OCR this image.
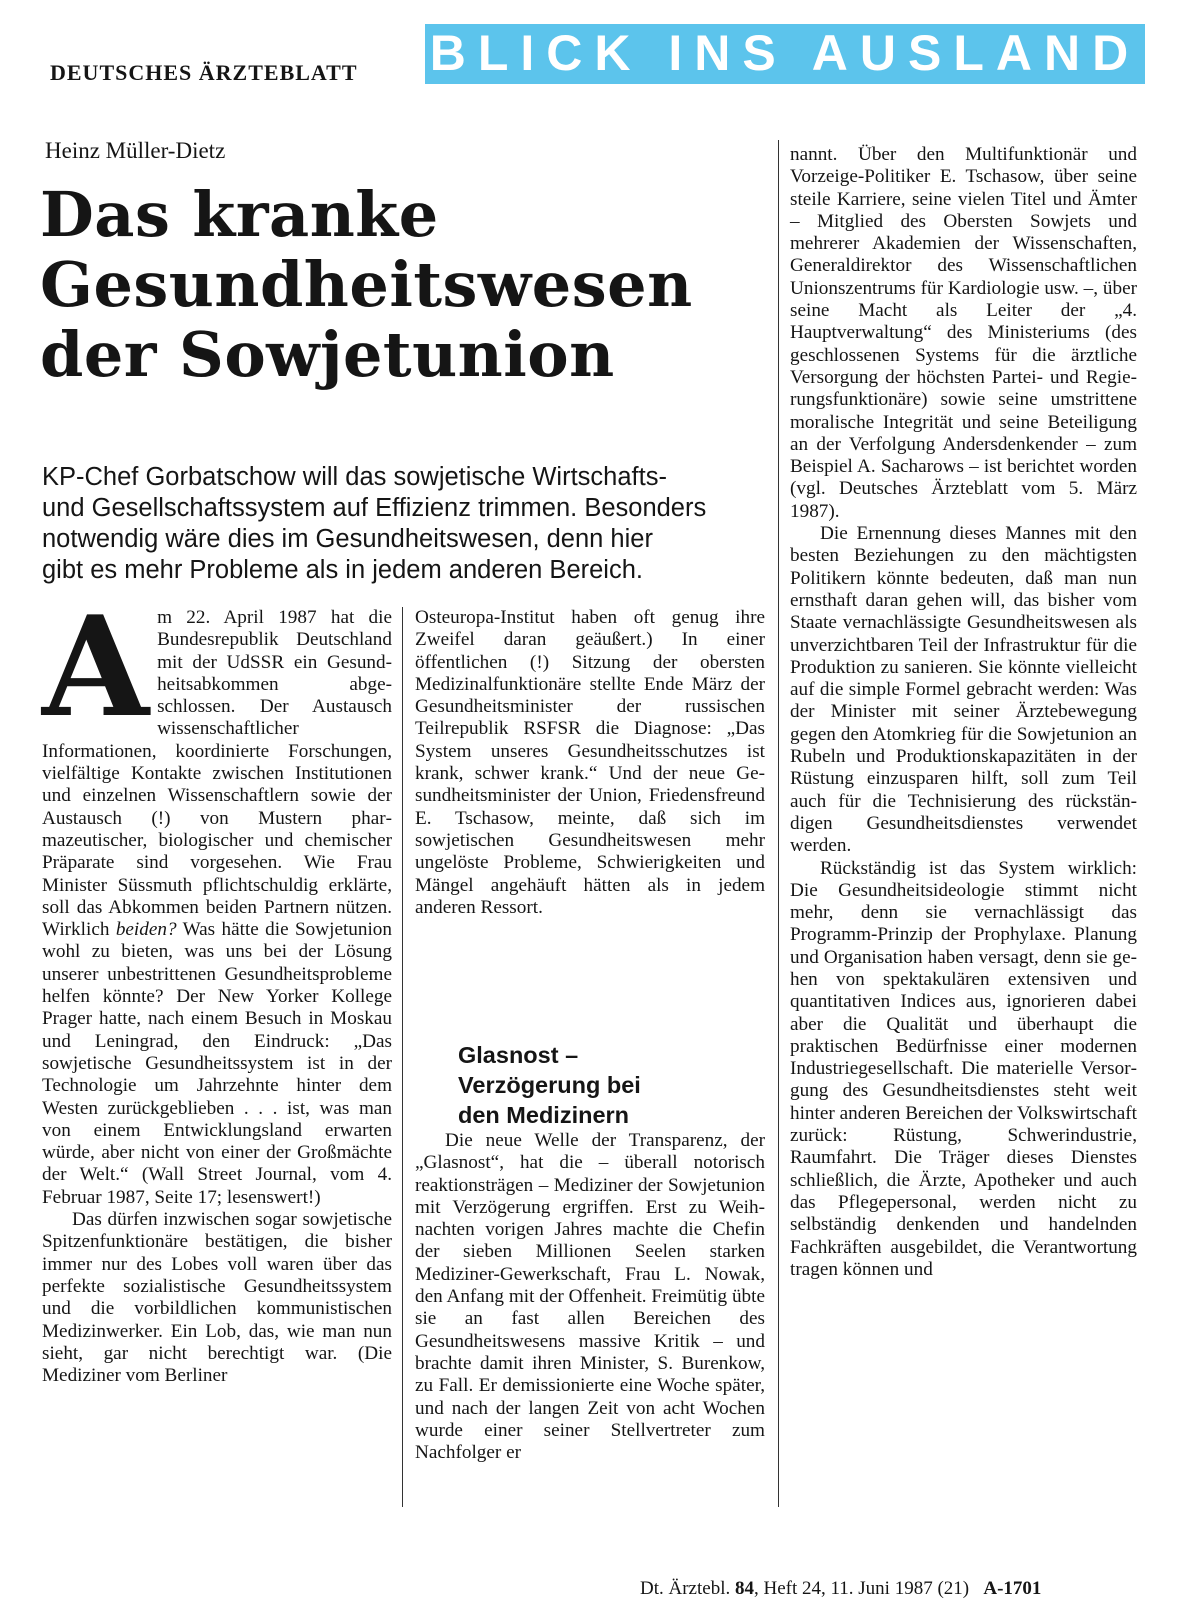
DEUTSCHES ÄRZTEBLATT BLICK INS AUSLAND
Heinz Müller-Dietz
Das kranke
Gesundheitswesen
der Sowjetunion
KP-Chef Gorbatschow will das sowjetische Wirtschafts-
und Gesellschaftssystem auf Effizienz trimmen. Besonders
notwendig wäre dies im Gesundheitswesen, denn hier
gibt es mehr Probleme als in jedem anderen Bereich.

Am 22. April 1987 hat die Bundesrepublik Deutschland mit der UdSSR ein Gesundheitsabkommen abgeschlossen. Der Austausch wissenschaftlicher Informationen, koordinierte Forschungen, vielfältige Kontakte zwischen Institutionen und einzelnen Wissenschaftlern sowie der Austausch (!) von Mustern pharmazeutischer, biologischer und chemischer Präparate sind vorgesehen. Wie Frau Minister Süssmuth pflichtschuldig erklärte, soll das Abkommen beiden Partnern nützen. Wirklich beiden? Was hätte die Sowjetunion wohl zu bieten, was uns bei der Lösung unserer unbestrittenen Gesundheitsprobleme helfen könnte? Der New Yorker Kollege Prager hatte, nach einem Besuch in Moskau und Leningrad, den Eindruck: „Das sowjetische Gesundheitssystem ist in der Technologie um Jahrzehnte hinter dem Westen zurückgeblieben . . . ist, was man von einem Entwicklungsland erwarten würde, aber nicht von einer der Großmächte der Welt.“ (Wall Street Journal, vom 4. Februar 1987, Seite 17; lesenswert!)

Das dürfen inzwischen sogar sowjetische Spitzenfunktionäre bestätigen, die bisher immer nur des Lobes voll waren über das perfekte sozialistische Gesundheitssystem und die vorbildlichen kommunistischen Medizinwerker. Ein Lob, das, wie man nun sieht, gar nicht berechtigt war. (Die Mediziner vom Berliner

Osteuropa-Institut haben oft genug ihre Zweifel daran geäußert.) In einer öffentlichen (!) Sitzung der obersten Medizinalfunktionäre stellte Ende März der Gesundheitsminister der russischen Teilrepublik RSFSR die Diagnose: „Das System unseres Gesundheitsschutzes ist krank, schwer krank.“ Und der neue Gesundheitsminister der Union, Friedensfreund E. Tschasow, meinte, daß sich im sowjetischen Gesundheitswesen mehr ungelöste Probleme, Schwierigkeiten und Mängel angehäuft hätten als in jedem anderen Ressort.

Glasnost –
Verzögerung bei
den Medizinern

Die neue Welle der Transparenz, der „Glasnost“, hat die – überall notorisch reaktionsträgen – Mediziner der Sowjetunion mit Verzögerung ergriffen. Erst zu Weihnachten vorigen Jahres machte die Chefin der sieben Millionen Seelen starken Mediziner-Gewerkschaft, Frau L. Nowak, den Anfang mit der Offenheit. Freimütig übte sie an fast allen Bereichen des Gesundheitswesens massive Kritik – und brachte damit ihren Minister, S. Burenkow, zu Fall. Er demissionierte eine Woche später, und nach der langen Zeit von acht Wochen wurde einer seiner Stellvertreter zum Nachfolger er

nannt. Über den Multifunktionär und Vorzeige-Politiker E. Tschasow, über seine steile Karriere, seine vielen Titel und Ämter – Mitglied des Obersten Sowjets und mehrerer Akademien der Wissenschaften, Generaldirektor des Wissenschaftlichen Unionszentrums für Kardiologie usw. –, über seine Macht als Leiter der „4. Hauptverwaltung“ des Ministeriums (des geschlossenen Systems für die ärztliche Versorgung der höchsten Partei- und Regierungsfunktionäre) sowie seine umstrittene moralische Integrität und seine Beteiligung an der Verfolgung Andersdenkender – zum Beispiel A. Sacharows – ist berichtet worden (vgl. Deutsches Ärzteblatt vom 5. März 1987).

Die Ernennung dieses Mannes mit den besten Beziehungen zu den mächtigsten Politikern könnte bedeuten, daß man nun ernsthaft daran gehen will, das bisher vom Staate vernachlässigte Gesundheitswesen als unverzichtbaren Teil der Infrastruktur für die Produktion zu sanieren. Sie könnte vielleicht auf die simple Formel gebracht werden: Was der Minister mit seiner Ärztebewegung gegen den Atomkrieg für die Sowjetunion an Rubeln und Produktionskapazitäten in der Rüstung einzusparen hilft, soll zum Teil auch für die Technisierung des rückständigen Gesundheitsdienstes verwendet werden.

Rückständig ist das System wirklich: Die Gesundheitsideologie stimmt nicht mehr, denn sie vernachlässigt das Programm-Prinzip der Prophylaxe. Planung und Organisation haben versagt, denn sie gehen von spektakulären extensiven und quantitativen Indices aus, ignorieren dabei aber die Qualität und überhaupt die praktischen Bedürfnisse einer modernen Industriegesellschaft. Die materielle Versorgung des Gesundheitsdienstes steht weit hinter anderen Bereichen der Volkswirtschaft zurück: Rüstung, Schwerindustrie, Raumfahrt. Die Träger dieses Dienstes schließlich, die Ärzte, Apotheker und auch das Pflegepersonal, werden nicht zu selbständig denkenden und handelnden Fachkräften ausgebildet, die Verantwortung tragen können und

Dt. Ärztebl. 84, Heft 24, 11. Juni 1987 (21) A-1701
